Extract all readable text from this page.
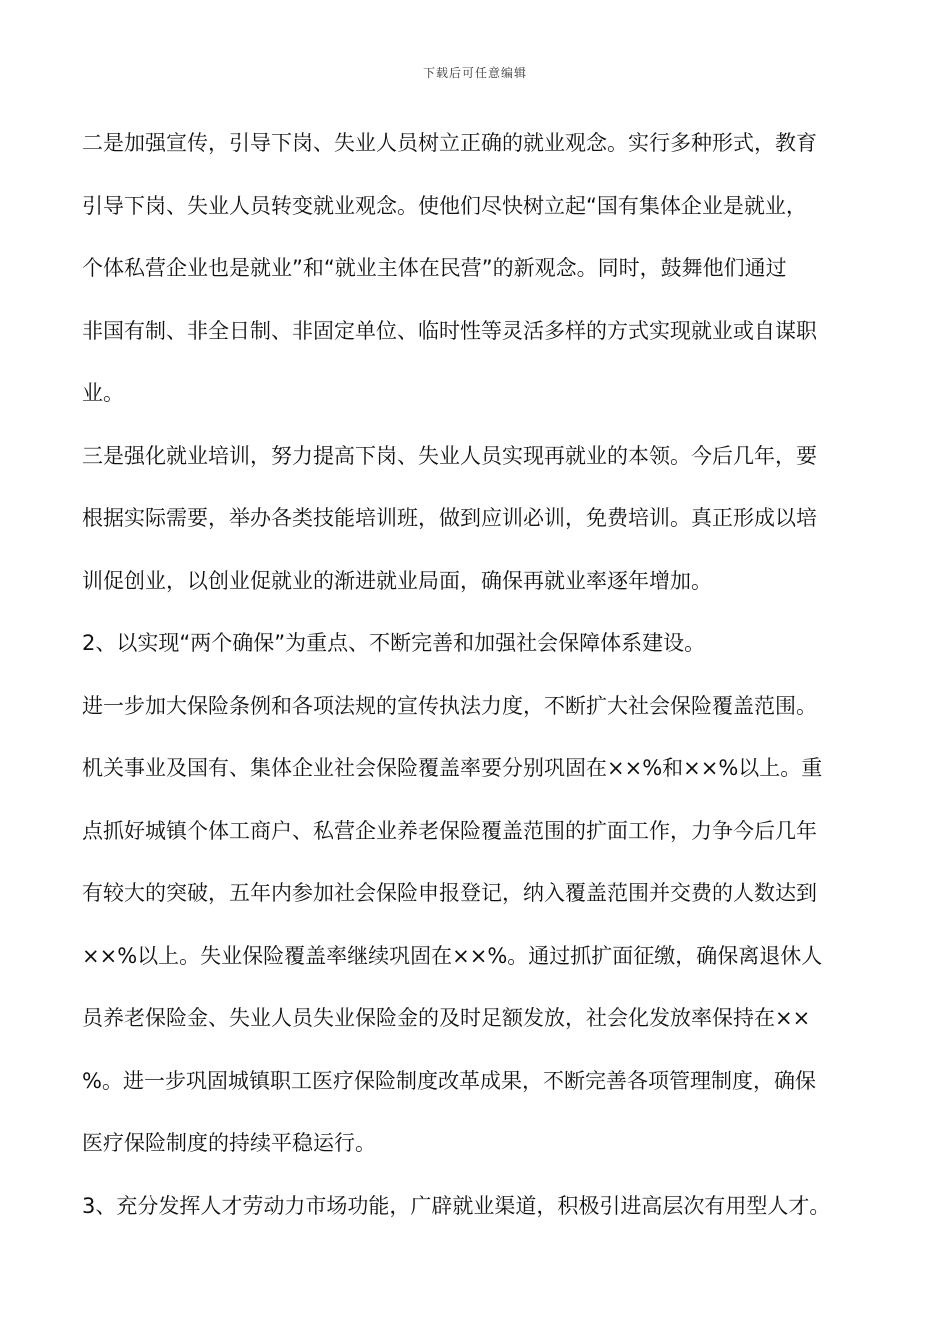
下载后可任意编辑
二是加强宣传，引导下岗、失业人员树立正确的就业观念。实行多种形式，教育
引导下岗、失业人员转变就业观念。使他们尽快树立起“国有集体企业是就业，
个体私营企业也是就业”和“就业主体在民营”的新观念。同时，鼓舞他们通过
非国有制、非全日制、非固定单位、临时性等灵活多样的方式实现就业或自谋职
业。
三是强化就业培训，努力提高下岗、失业人员实现再就业的本领。今后几年，要
根据实际需要，举办各类技能培训班，做到应训必训，免费培训。真正形成以培
训促创业，以创业促就业的渐进就业局面，确保再就业率逐年增加。
2、以实现“两个确保”为重点、不断完善和加强社会保障体系建设。
进一步加大保险条例和各项法规的宣传执法力度，不断扩大社会保险覆盖范围。
机关事业及国有、集体企业社会保险覆盖率要分别巩固在××%和××%以上。重
点抓好城镇个体工商户、私营企业养老保险覆盖范围的扩面工作，力争今后几年
有较大的突破，五年内参加社会保险申报登记，纳入覆盖范围并交费的人数达到
××%以上。失业保险覆盖率继续巩固在××%。通过抓扩面征缴，确保离退休人
员养老保险金、失业人员失业保险金的及时足额发放，社会化发放率保持在××
%。进一步巩固城镇职工医疗保险制度改革成果，不断完善各项管理制度，确保
医疗保险制度的持续平稳运行。
3、充分发挥人才劳动力市场功能，广辟就业渠道，积极引进高层次有用型人才。
